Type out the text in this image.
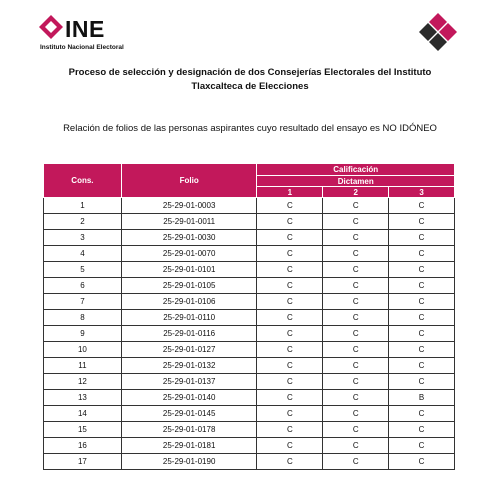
INE
Instituto Nacional Electoral
Proceso de selección y designación de dos Consejerías Electorales del Instituto
Tlaxcalteca de Elecciones
Relación de folios de las personas aspirantes cuyo resultado del ensayo es NO IDÓNEO
Cons.	Folio	Calificación		
		Dictamen		
		1	2	3
1	25-29-01-0003	C	C	C
2	25-29-01-0011	C	C	C
3	25-29-01-0030	C	C	C
4	25-29-01-0070	C	C	C
5	25-29-01-0101	C	C	C
6	25-29-01-0105	C	C	C
7	25-29-01-0106	C	C	C
8	25-29-01-0110	C	C	C
9	25-29-01-0116	C	C	C
10	25-29-01-0127	C	C	C
11	25-29-01-0132	C	C	C
12	25-29-01-0137	C	C	C
13	25-29-01-0140	C	C	B
14	25-29-01-0145	C	C	C
15	25-29-01-0178	C	C	C
16	25-29-01-0181	C	C	C
17	25-29-01-0190	C	C	C
